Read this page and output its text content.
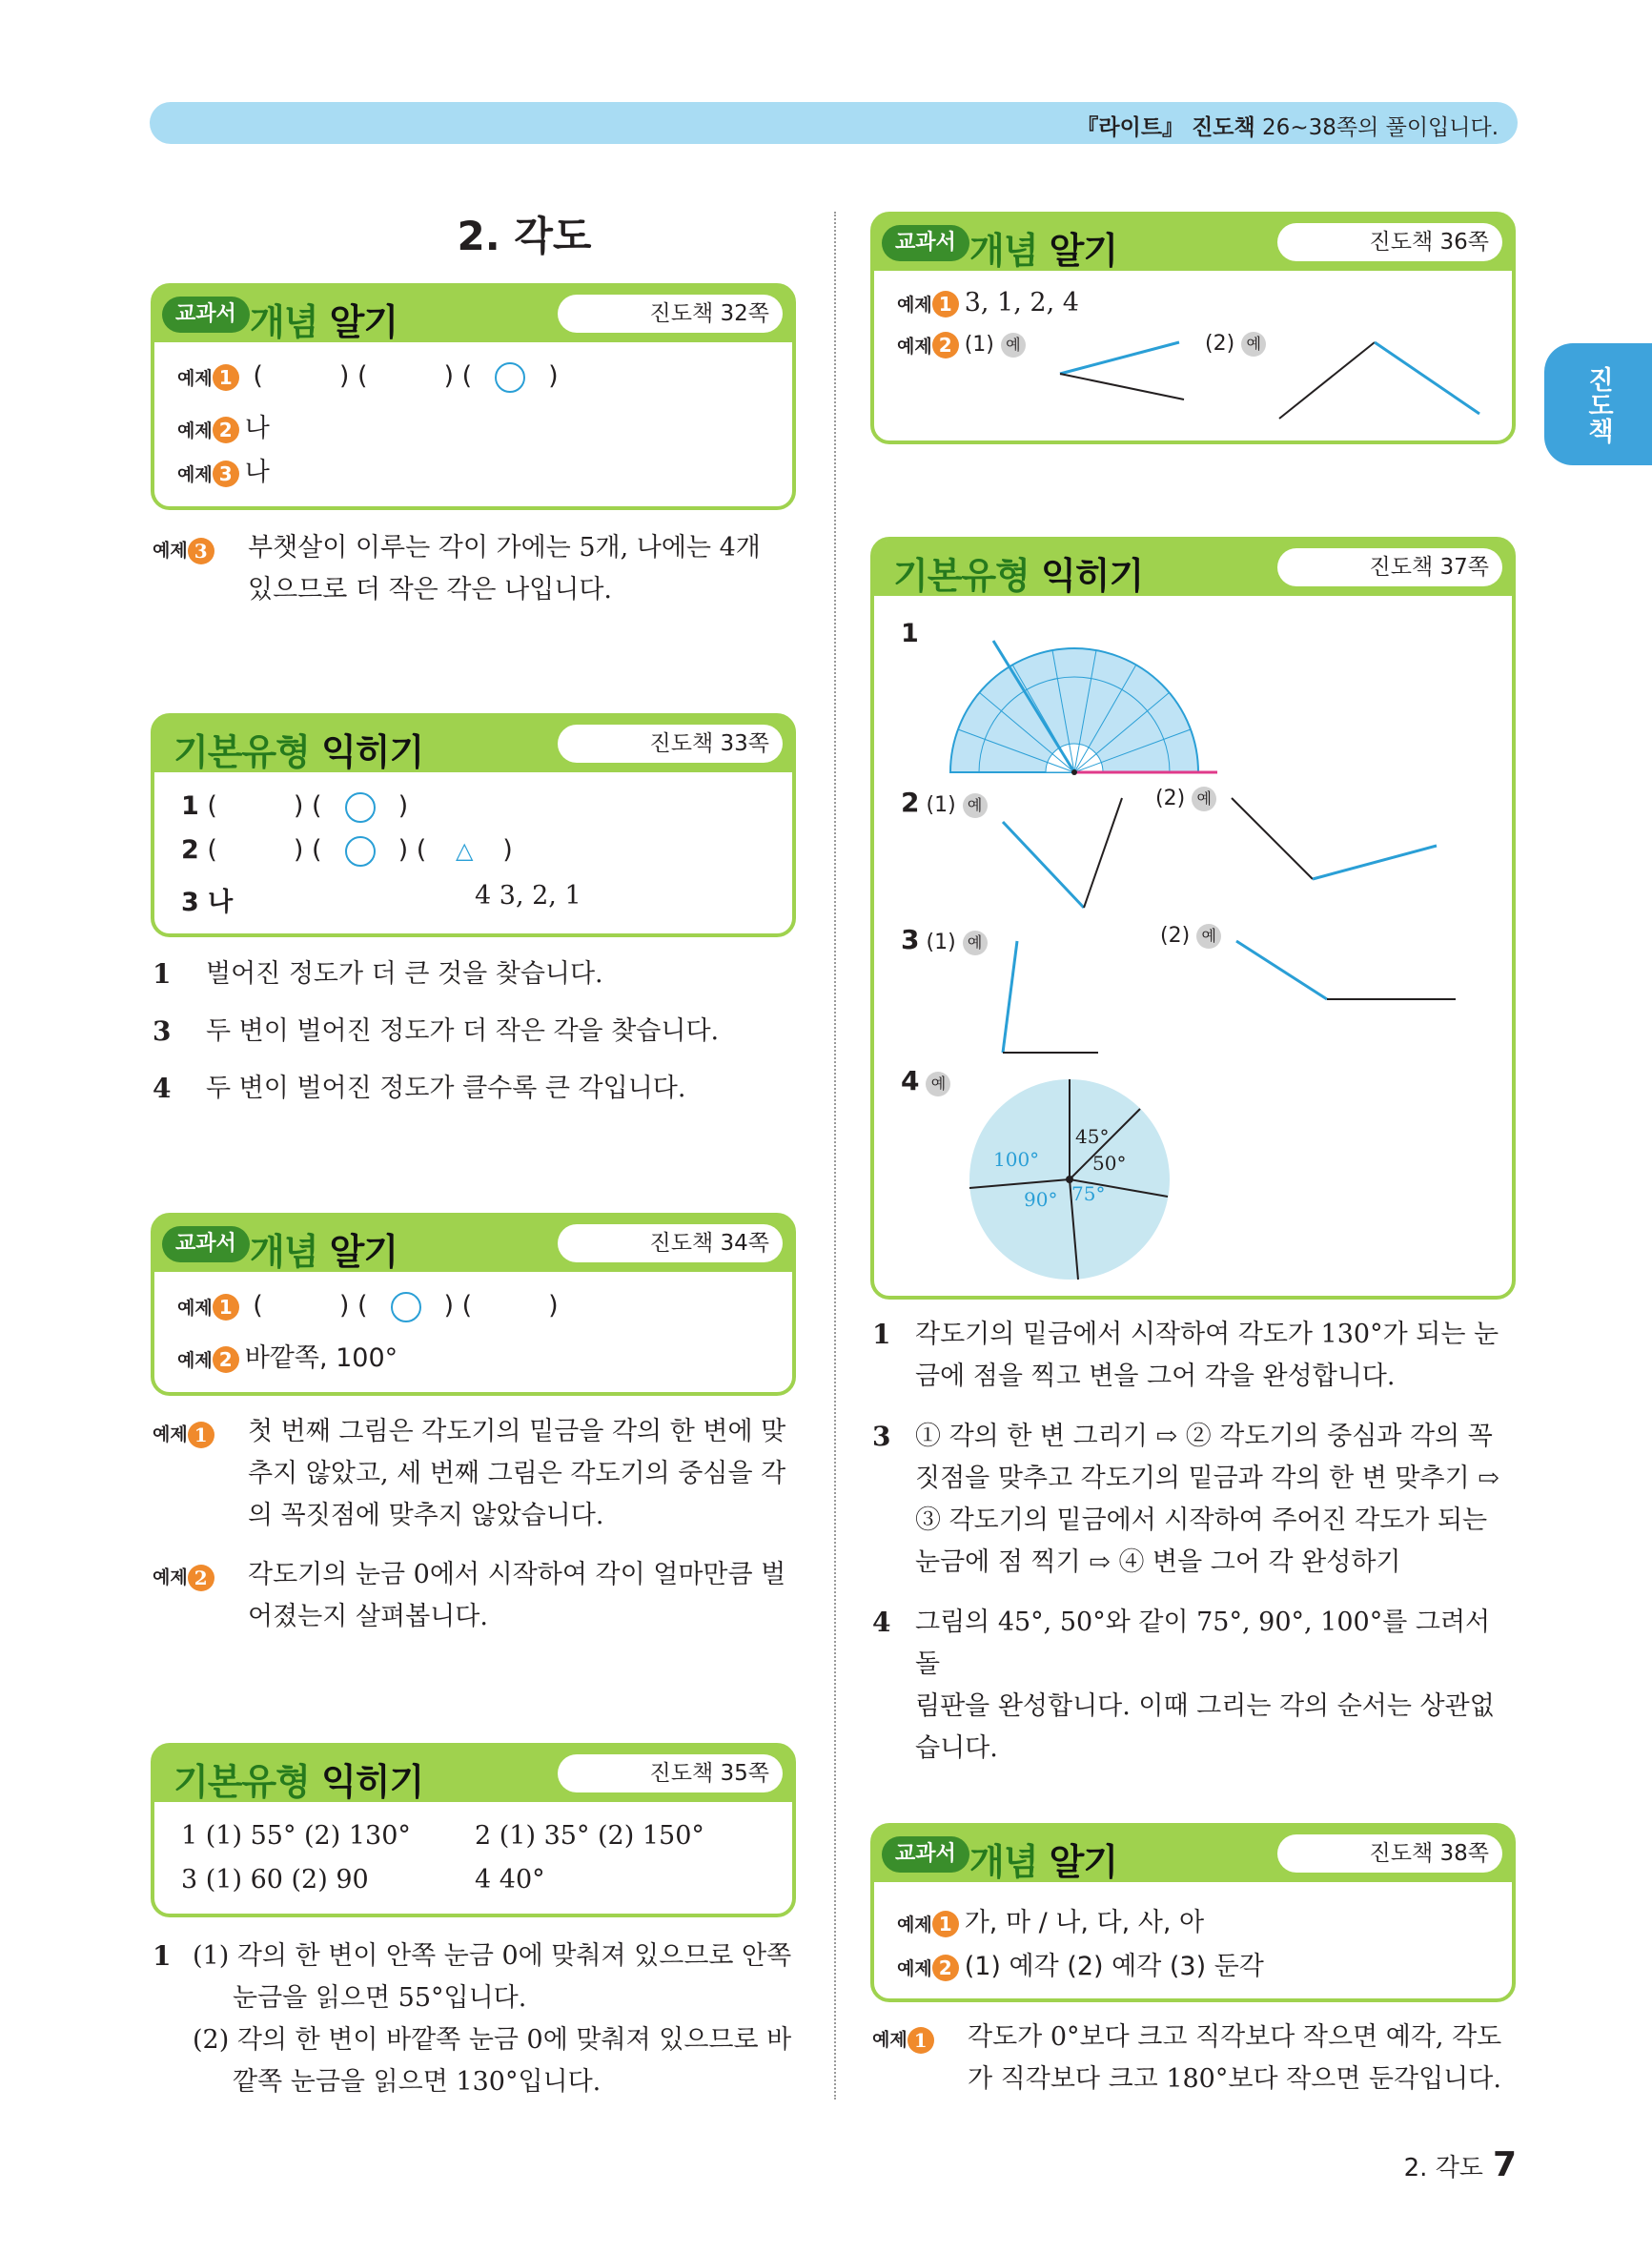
『라이트』 진도책 26~38쪽의 풀이입니다.
진도책
2. 각도
교과서 개념 알기	진도책 32쪽
예제 1 (	) (	) (	)
예제 2 나
예제 3 나
예제 3	부챗살이 이루는 각이 가에는 5개, 나에는 4개
있으므로 더 작은 각은 나입니다.
기본유형 익히기	진도책 33쪽
1 (	) (	)
2 (	) (	) ( △ )
3 나	4 3, 2, 1
1 벌어진 정도가 더 큰 것을 찾습니다.
3 두 변이 벌어진 정도가 더 작은 각을 찾습니다.
4 두 변이 벌어진 정도가 클수록 큰 각입니다.
교과서 개념 알기	진도책 34쪽
예제 1 (	) (	) (	)
예제 2 바깥쪽, 100°
예제 1	첫 번째 그림은 각도기의 밑금을 각의 한 변에 맞
추지 않았고, 세 번째 그림은 각도기의 중심을 각
의 꼭짓점에 맞추지 않았습니다.
예제 2	각도기의 눈금 0에서 시작하여 각이 얼마만큼 벌
어졌는지 살펴봅니다.
기본유형 익히기	진도책 35쪽
1 (1) 55° (2) 130° 2 (1) 35° (2) 150°
3 (1) 60 (2) 90	4 40°
1 (1) 각의 한 변이 안쪽 눈금 0에 맞춰져 있으므로 안쪽
눈금을 읽으면 55°입니다.
(2) 각의 한 변이 바깥쪽 눈금 0에 맞춰져 있으므로 바
깥쪽 눈금을 읽으면 130°입니다.
교과서 개념 알기	진도책 36쪽
예제 1 3, 1, 2, 4
예제 2 (1) 예	(2) 예
기본유형 익히기	진도책 37쪽
1
2 (1) 예	(2) 예
3 (1) 예	(2) 예
4 예
45°
50°
100°
90° 75°
1 각도기의 밑금에서 시작하여 각도가 130°가 되는 눈
금에 점을 찍고 변을 그어 각을 완성합니다.
3 ① 각의 한 변 그리기 ⇨ ② 각도기의 중심과 각의 꼭
짓점을 맞추고 각도기의 밑금과 각의 한 변 맞추기 ⇨
③ 각도기의 밑금에서 시작하여 주어진 각도가 되는
눈금에 점 찍기 ⇨ ④ 변을 그어 각 완성하기
4 그림의 45°, 50°와 같이 75°, 90°, 100°를 그려서 돌
림판을 완성합니다. 이때 그리는 각의 순서는 상관없
습니다.
교과서 개념 알기	진도책 38쪽
예제 1 가, 마 / 나, 다, 사, 아
예제 2 (1) 예각 (2) 예각 (3) 둔각
예제 1	각도가 0°보다 크고 직각보다 작으면 예각, 각도
가 직각보다 크고 180°보다 작으면 둔각입니다.
2. 각도 7
